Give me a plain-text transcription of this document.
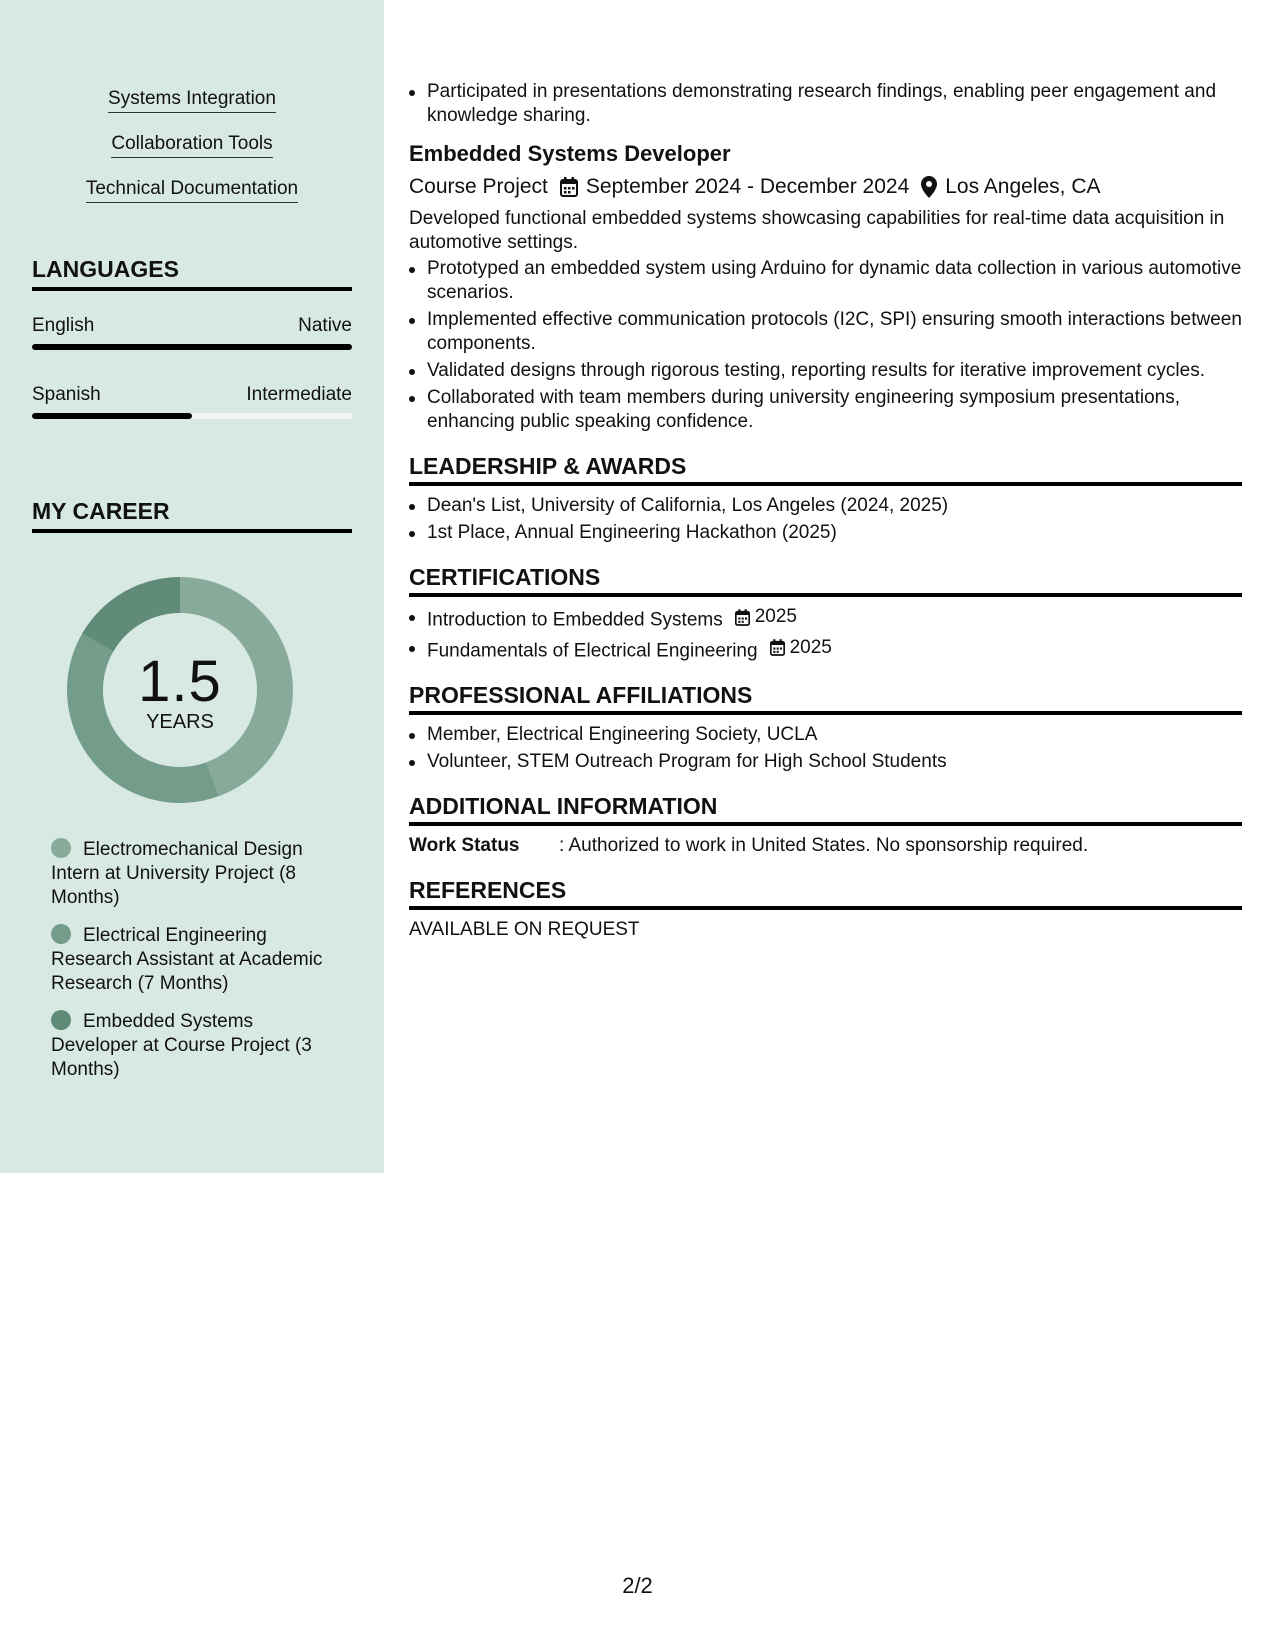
Systems Integration
Collaboration Tools
Technical Documentation
LANGUAGES
English	Native
Spanish	Intermediate
MY CAREER
1.5
YEARS
Electromechanical Design Intern at University Project (8 Months)
Electrical Engineering Research Assistant at Academic Research (7 Months)
Embedded Systems Developer at Course Project (3 Months)
Participated in presentations demonstrating research findings, enabling peer engagement and knowledge sharing.
Embedded Systems Developer
Course Project September 2024 - December 2024 Los Angeles, CA
Developed functional embedded systems showcasing capabilities for real-time data acquisition in automotive settings.
Prototyped an embedded system using Arduino for dynamic data collection in various automotive scenarios.
Implemented effective communication protocols (I2C, SPI) ensuring smooth interactions between components.
Validated designs through rigorous testing, reporting results for iterative improvement cycles.
Collaborated with team members during university engineering symposium presentations, enhancing public speaking confidence.
LEADERSHIP & AWARDS
Dean's List, University of California, Los Angeles (2024, 2025)
1st Place, Annual Engineering Hackathon (2025)
CERTIFICATIONS
Introduction to Embedded Systems 2025
Fundamentals of Electrical Engineering 2025
PROFESSIONAL AFFILIATIONS
Member, Electrical Engineering Society, UCLA
Volunteer, STEM Outreach Program for High School Students
ADDITIONAL INFORMATION
Work Status	: Authorized to work in United States. No sponsorship required.
REFERENCES
AVAILABLE ON REQUEST
2/2
